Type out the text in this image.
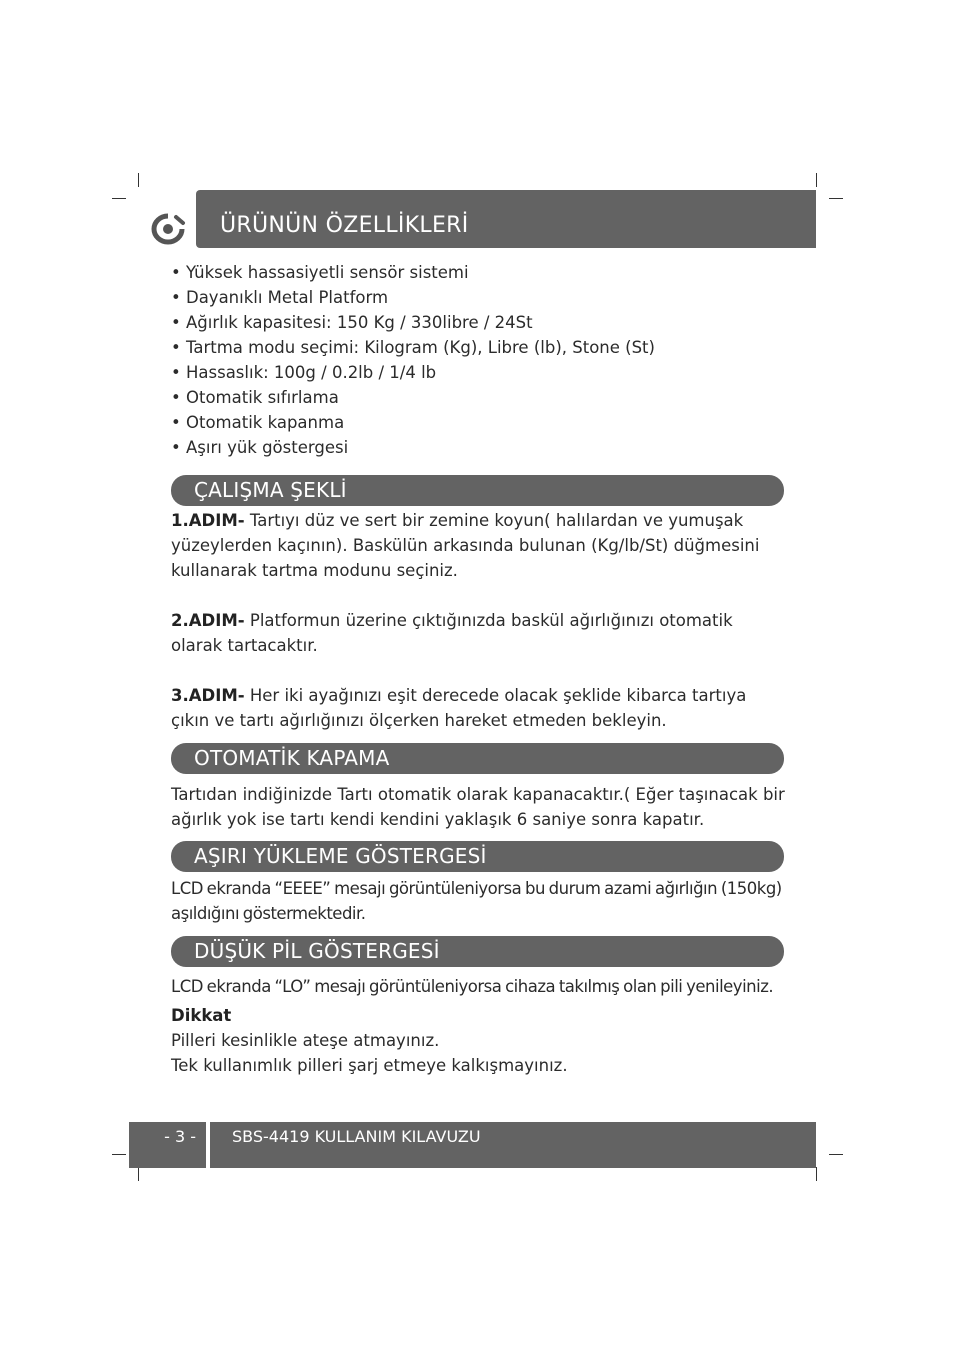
ÜRÜNÜN ÖZELLİKLERİ
• Yüksek hassasiyetli sensör sistemi
• Dayanıklı Metal Platform
• Ağırlık kapasitesi: 150 Kg / 330libre / 24St
• Tartma modu seçimi: Kilogram (Kg), Libre (lb), Stone (St)
• Hassaslık: 100g / 0.2lb / 1/4 lb
• Otomatik sıfırlama
• Otomatik kapanma
• Aşırı yük göstergesi
ÇALIŞMA ŞEKLİ

1.ADIM- Tartıyı düz ve sert bir zemine koyun( halılardan ve yumuşak yüzeylerden kaçının). Baskülün arkasında bulunan (Kg/lb/St) düğmesini kullanarak tartma modunu seçiniz.

2.ADIM- Platformun üzerine çıktığınızda baskül ağırlığınızı otomatik olarak tartacaktır.

3.ADIM- Her iki ayağınızı eşit derecede olacak şeklide kibarca tartıya çıkın ve tartı ağırlığınızı ölçerken hareket etmeden bekleyin.

OTOMATİK KAPAMA

Tartıdan indiğinizde Tartı otomatik olarak kapanacaktır.( Eğer taşınacak bir ağırlık yok ise tartı kendi kendini yaklaşık 6 saniye sonra kapatır.

AŞIRI YÜKLEME GÖSTERGESİ

LCD ekranda “EEEE” mesajı görüntüleniyorsa bu durum azami ağırlığın (150kg) aşıldığını göstermektedir.

DÜŞÜK PİL GÖSTERGESİ

LCD ekranda “LO” mesajı görüntüleniyorsa cihaza takılmış olan pili yenileyiniz.

Dikkat
Pilleri kesinlikle ateşe atmayınız.
Tek kullanımlık pilleri şarj etmeye kalkışmayınız.

- 3 -	SBS-4419 KULLANIM KILAVUZU
